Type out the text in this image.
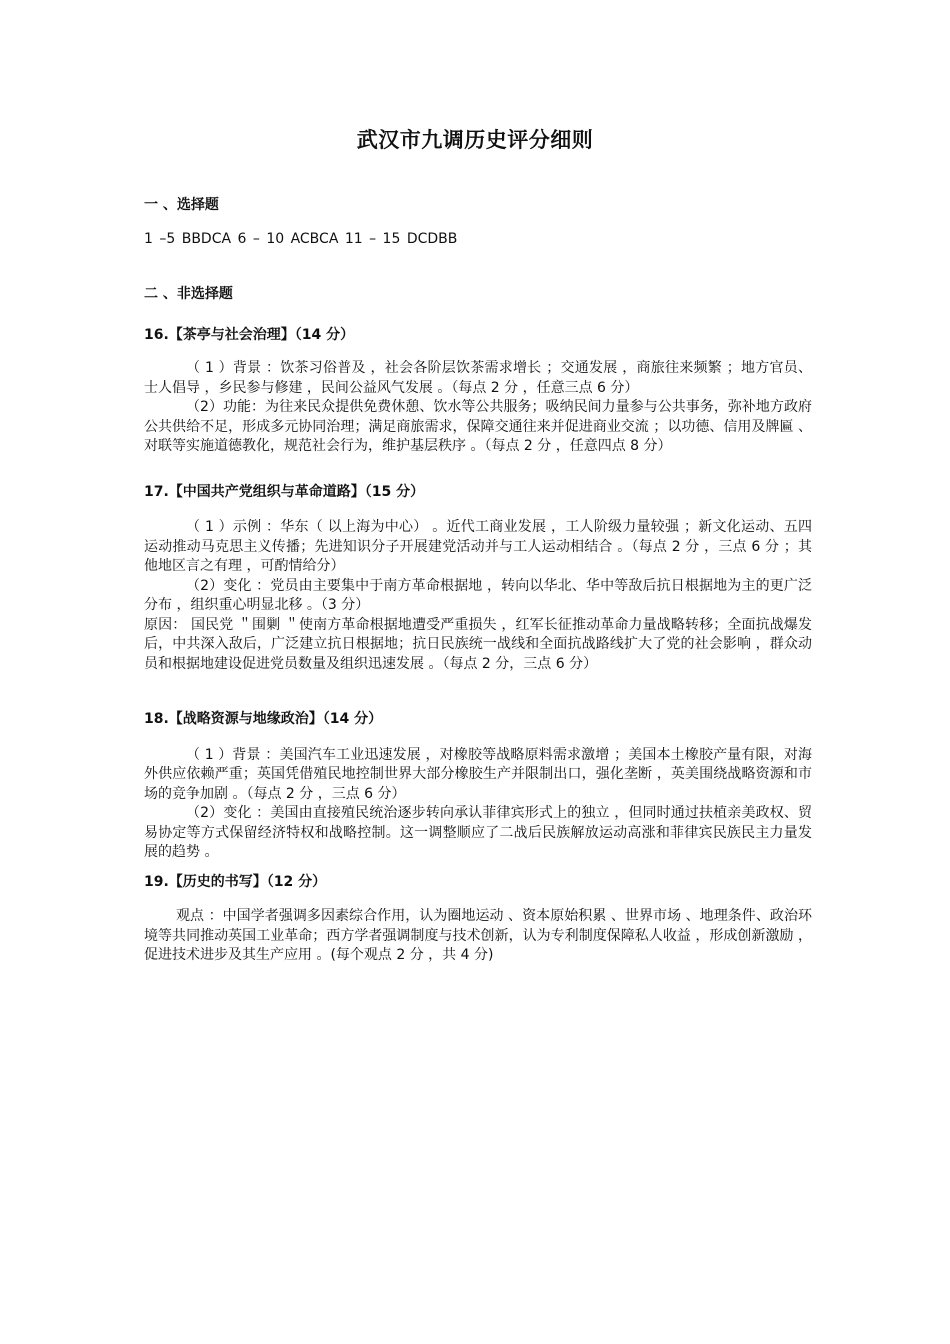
武汉市九调历史评分细则

一 、选择题

1 –5 BBDCA 6 – 10 ACBCA 11 – 15 DCDBB

二 、非选择题

16.【茶亭与社会治理】（14 分）

（ 1 ）背景 ：饮茶习俗普及 ，社会各阶层饮茶需求增长 ；交通发展 ，商旅往来频繁 ；地方官员、士人倡导 ，乡民参与修建 ，民间公益风气发展 。（每点 2 分 ，任意三点 6 分）

（2）功能：为往来民众提供免费休憩、饮水等公共服务；吸纳民间力量参与公共事务，弥补地方政府公共供给不足，形成多元协同治理；满足商旅需求，保障交通往来并促进商业交流 ；以功德、信用及牌匾 、对联等实施道德教化，规范社会行为，维护基层秩序 。（每点 2 分 ，任意四点 8 分）

17.【中国共产党组织与革命道路】（15 分）

（ 1 ）示例 ：华东（ 以上海为中心） 。近代工商业发展 ，工人阶级力量较强 ；新文化运动、五四运动推动马克思主义传播；先进知识分子开展建党活动并与工人运动相结合 。（每点 2 分 ，三点 6 分 ；其他地区言之有理 ，可酌情给分）

（2）变化 ：党员由主要集中于南方革命根据地 ，转向以华北、华中等敌后抗日根据地为主的更广泛分布 ，组织重心明显北移 。（3 分）

原因： 国民党 ＂围剿 ＂使南方革命根据地遭受严重损失 ，红军长征推动革命力量战略转移；全面抗战爆发后，中共深入敌后，广泛建立抗日根据地；抗日民族统一战线和全面抗战路线扩大了党的社会影响 ，群众动员和根据地建设促进党员数量及组织迅速发展 。（每点 2 分，三点 6 分）

18.【战略资源与地缘政治】（14 分）

（ 1 ）背景 ：美国汽车工业迅速发展 ，对橡胶等战略原料需求激增 ；美国本土橡胶产量有限，对海外供应依赖严重；英国凭借殖民地控制世界大部分橡胶生产并限制出口，强化垄断 ，英美围绕战略资源和市场的竞争加剧 。（每点 2 分 ，三点 6 分）

（2）变化 ：美国由直接殖民统治逐步转向承认菲律宾形式上的独立 ，但同时通过扶植亲美政权、贸易协定等方式保留经济特权和战略控制。这一调整顺应了二战后民族解放运动高涨和菲律宾民族民主力量发展的趋势 。

19.【历史的书写】（12 分）

观点 ：中国学者强调多因素综合作用，认为圈地运动 、资本原始积累 、世界市场 、地理条件、政治环境等共同推动英国工业革命；西方学者强调制度与技术创新，认为专利制度保障私人收益 ，形成创新激励 ，促进技术进步及其生产应用 。(每个观点 2 分 ，共 4 分)
